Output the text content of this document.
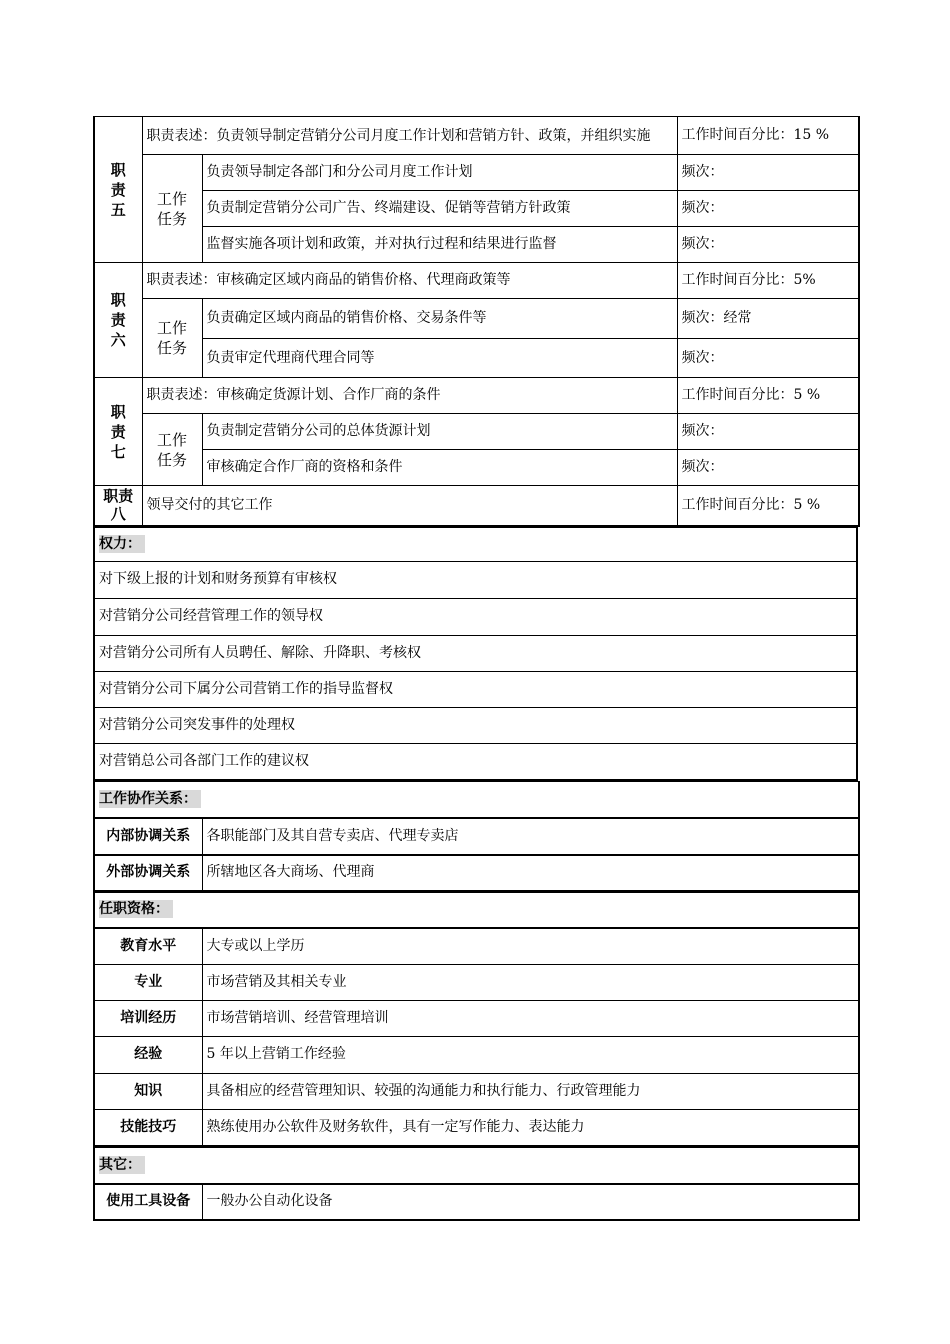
职
责
五	职责表述：负责领导制定营销分公司月度工作计划和营销方针、政策，并组织实施		工作时间百分比：15 %
	工作
任务	负责领导制定各部门和分公司月度工作计划	频次：
		负责制定营销分公司广告、终端建设、促销等营销方针政策	频次：
		监督实施各项计划和政策，并对执行过程和结果进行监督	频次：
职
责
六	职责表述：审核确定区域内商品的销售价格、代理商政策等		工作时间百分比：5%
	工作
任务	负责确定区域内商品的销售价格、交易条件等	频次：经常
		负责审定代理商代理合同等	频次：
职
责
七	职责表述：审核确定货源计划、合作厂商的条件		工作时间百分比：5 %
	工作
任务	负责制定营销分公司的总体货源计划	频次：
		审核确定合作厂商的资格和条件	频次：
职责
八	领导交付的其它工作		工作时间百分比：5 %
权力：
对下级上报的计划和财务预算有审核权
对营销分公司经营管理工作的领导权
对营销分公司所有人员聘任、解除、升降职、考核权
对营销分公司下属分公司营销工作的指导监督权
对营销分公司突发事件的处理权
对营销总公司各部门工作的建议权
工作协作关系：	
内部协调关系	各职能部门及其自营专卖店、代理专卖店
外部协调关系	所辖地区各大商场、代理商
任职资格：	
教育水平	大专或以上学历
专业	市场营销及其相关专业
培训经历	市场营销培训、经营管理培训
经验	5 年以上营销工作经验
知识	具备相应的经营管理知识、较强的沟通能力和执行能力、行政管理能力
技能技巧	熟练使用办公软件及财务软件，具有一定写作能力、表达能力
其它：
使用工具设备	一般办公自动化设备
